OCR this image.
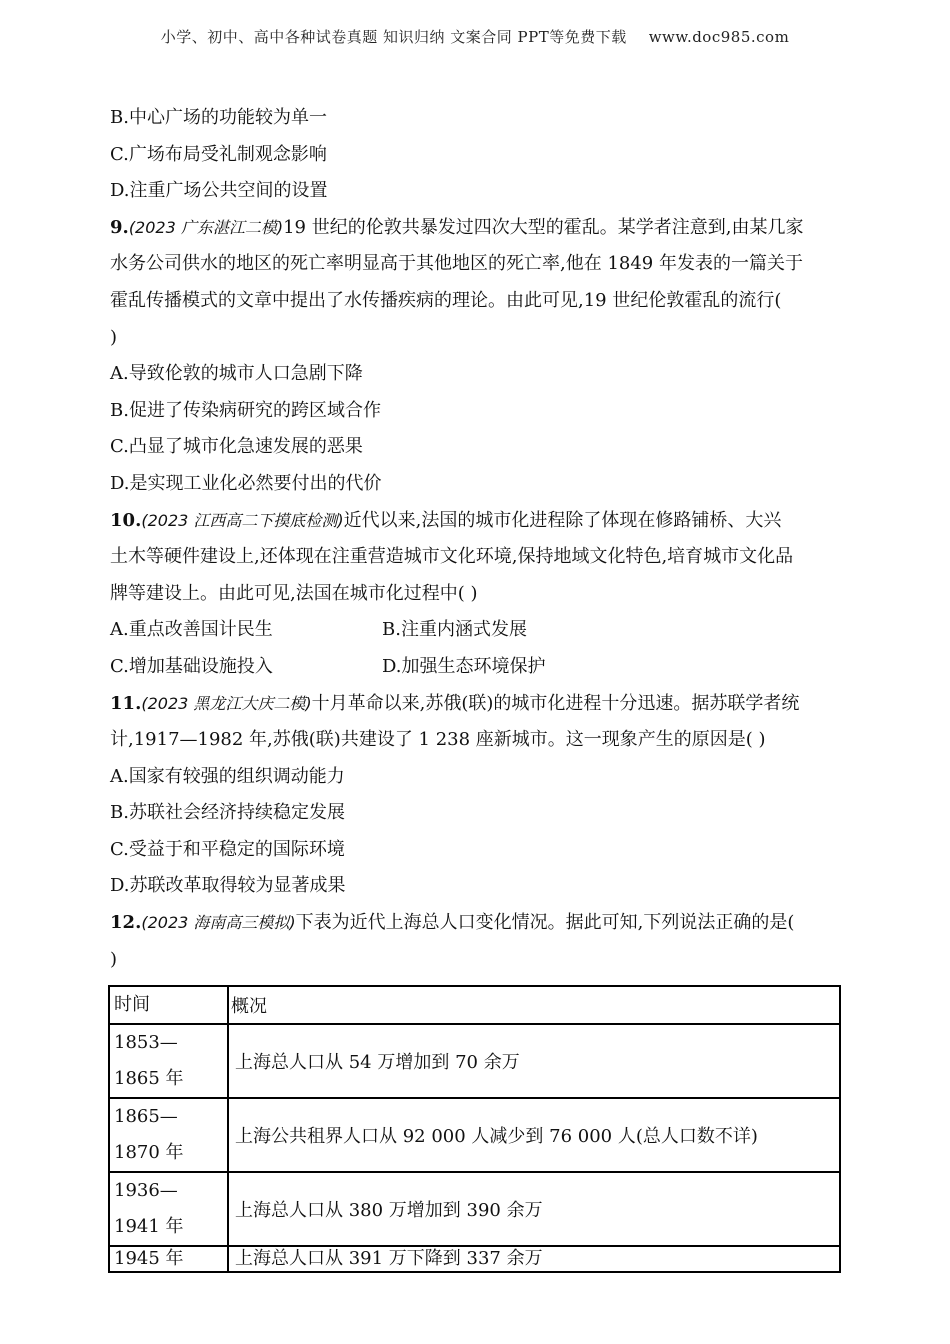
小学、初中、高中各种试卷真题 知识归纳 文案合同 PPT等免费下载 www.doc985.com
B.中心广场的功能较为单一
C.广场布局受礼制观念影响
D.注重广场公共空间的设置
9.(2023 广东湛江二模)19 世纪的伦敦共暴发过四次大型的霍乱。某学者注意到,由某几家
水务公司供水的地区的死亡率明显高于其他地区的死亡率,他在 1849 年发表的一篇关于
霍乱传播模式的文章中提出了水传播疾病的理论。由此可见,19 世纪伦敦霍乱的流行(
)
A.导致伦敦的城市人口急剧下降
B.促进了传染病研究的跨区域合作
C.凸显了城市化急速发展的恶果
D.是实现工业化必然要付出的代价
10.(2023 江西高二下摸底检测)近代以来,法国的城市化进程除了体现在修路铺桥、大兴
土木等硬件建设上,还体现在注重营造城市文化环境,保持地域文化特色,培育城市文化品
牌等建设上。由此可见,法国在城市化过程中( )
A.重点改善国计民生	B.注重内涵式发展
C.增加基础设施投入	D.加强生态环境保护
11.(2023 黑龙江大庆二模)十月革命以来,苏俄(联)的城市化进程十分迅速。据苏联学者统
计,1917—1982 年,苏俄(联)共建设了 1 238 座新城市。这一现象产生的原因是( )
A.国家有较强的组织调动能力
B.苏联社会经济持续稳定发展
C.受益于和平稳定的国际环境
D.苏联改革取得较为显著成果
12.(2023 海南高三模拟)下表为近代上海总人口变化情况。据此可知,下列说法正确的是(
)
时间	概况

1853—
1865 年	上海总人口从 54 万增加到 70 余万

1865—
1870 年	上海公共租界人口从 92 000 人减少到 76 000 人(总人口数不详)

1936—
1941 年	上海总人口从 380 万增加到 390 余万

1945 年	上海总人口从 391 万下降到 337 余万
